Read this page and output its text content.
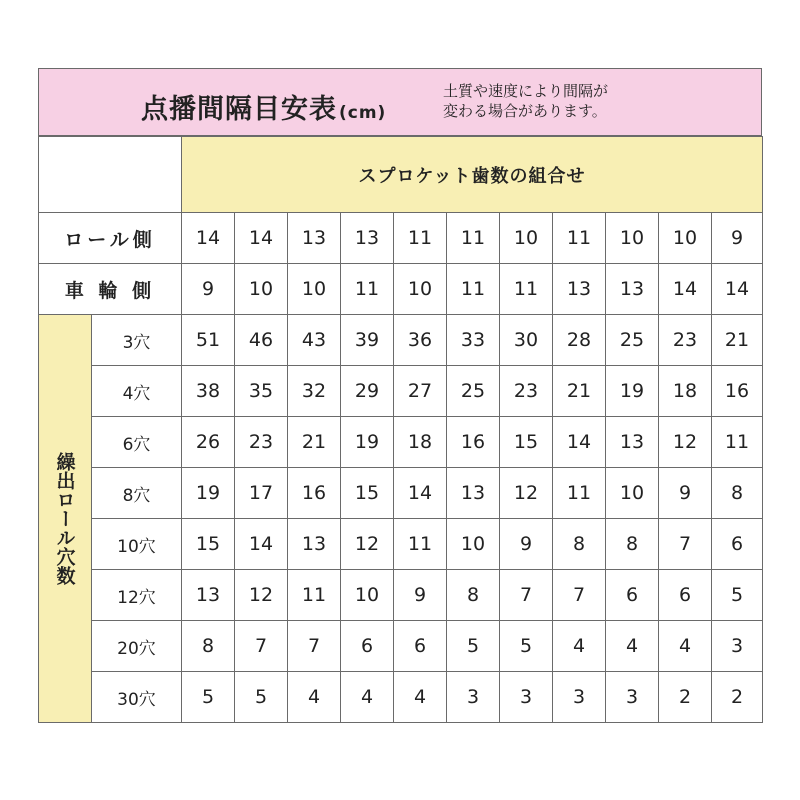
点播間隔目安表 (cm)
土質や速度により間隔が
変わる場合があります。
		スプロケット歯数の組合せ										
ロール側		14	14	13	13	11	11	10	11	10	10	9
車 輪 側		9	10	10	11	10	11	11	13	13	14	14

繰出ロール穴数	3穴	51	46	43	39	36	33	30	28	25	23	21
	4穴	38	35	32	29	27	25	23	21	19	18	16
	6穴	26	23	21	19	18	16	15	14	13	12	11
	8穴	19	17	16	15	14	13	12	11	10	9	8
	10穴	15	14	13	12	11	10	9	8	8	7	6
	12穴	13	12	11	10	9	8	7	7	6	6	5
	20穴	8	7	7	6	6	5	5	4	4	4	3
	30穴	5	5	4	4	4	3	3	3	3	2	2
